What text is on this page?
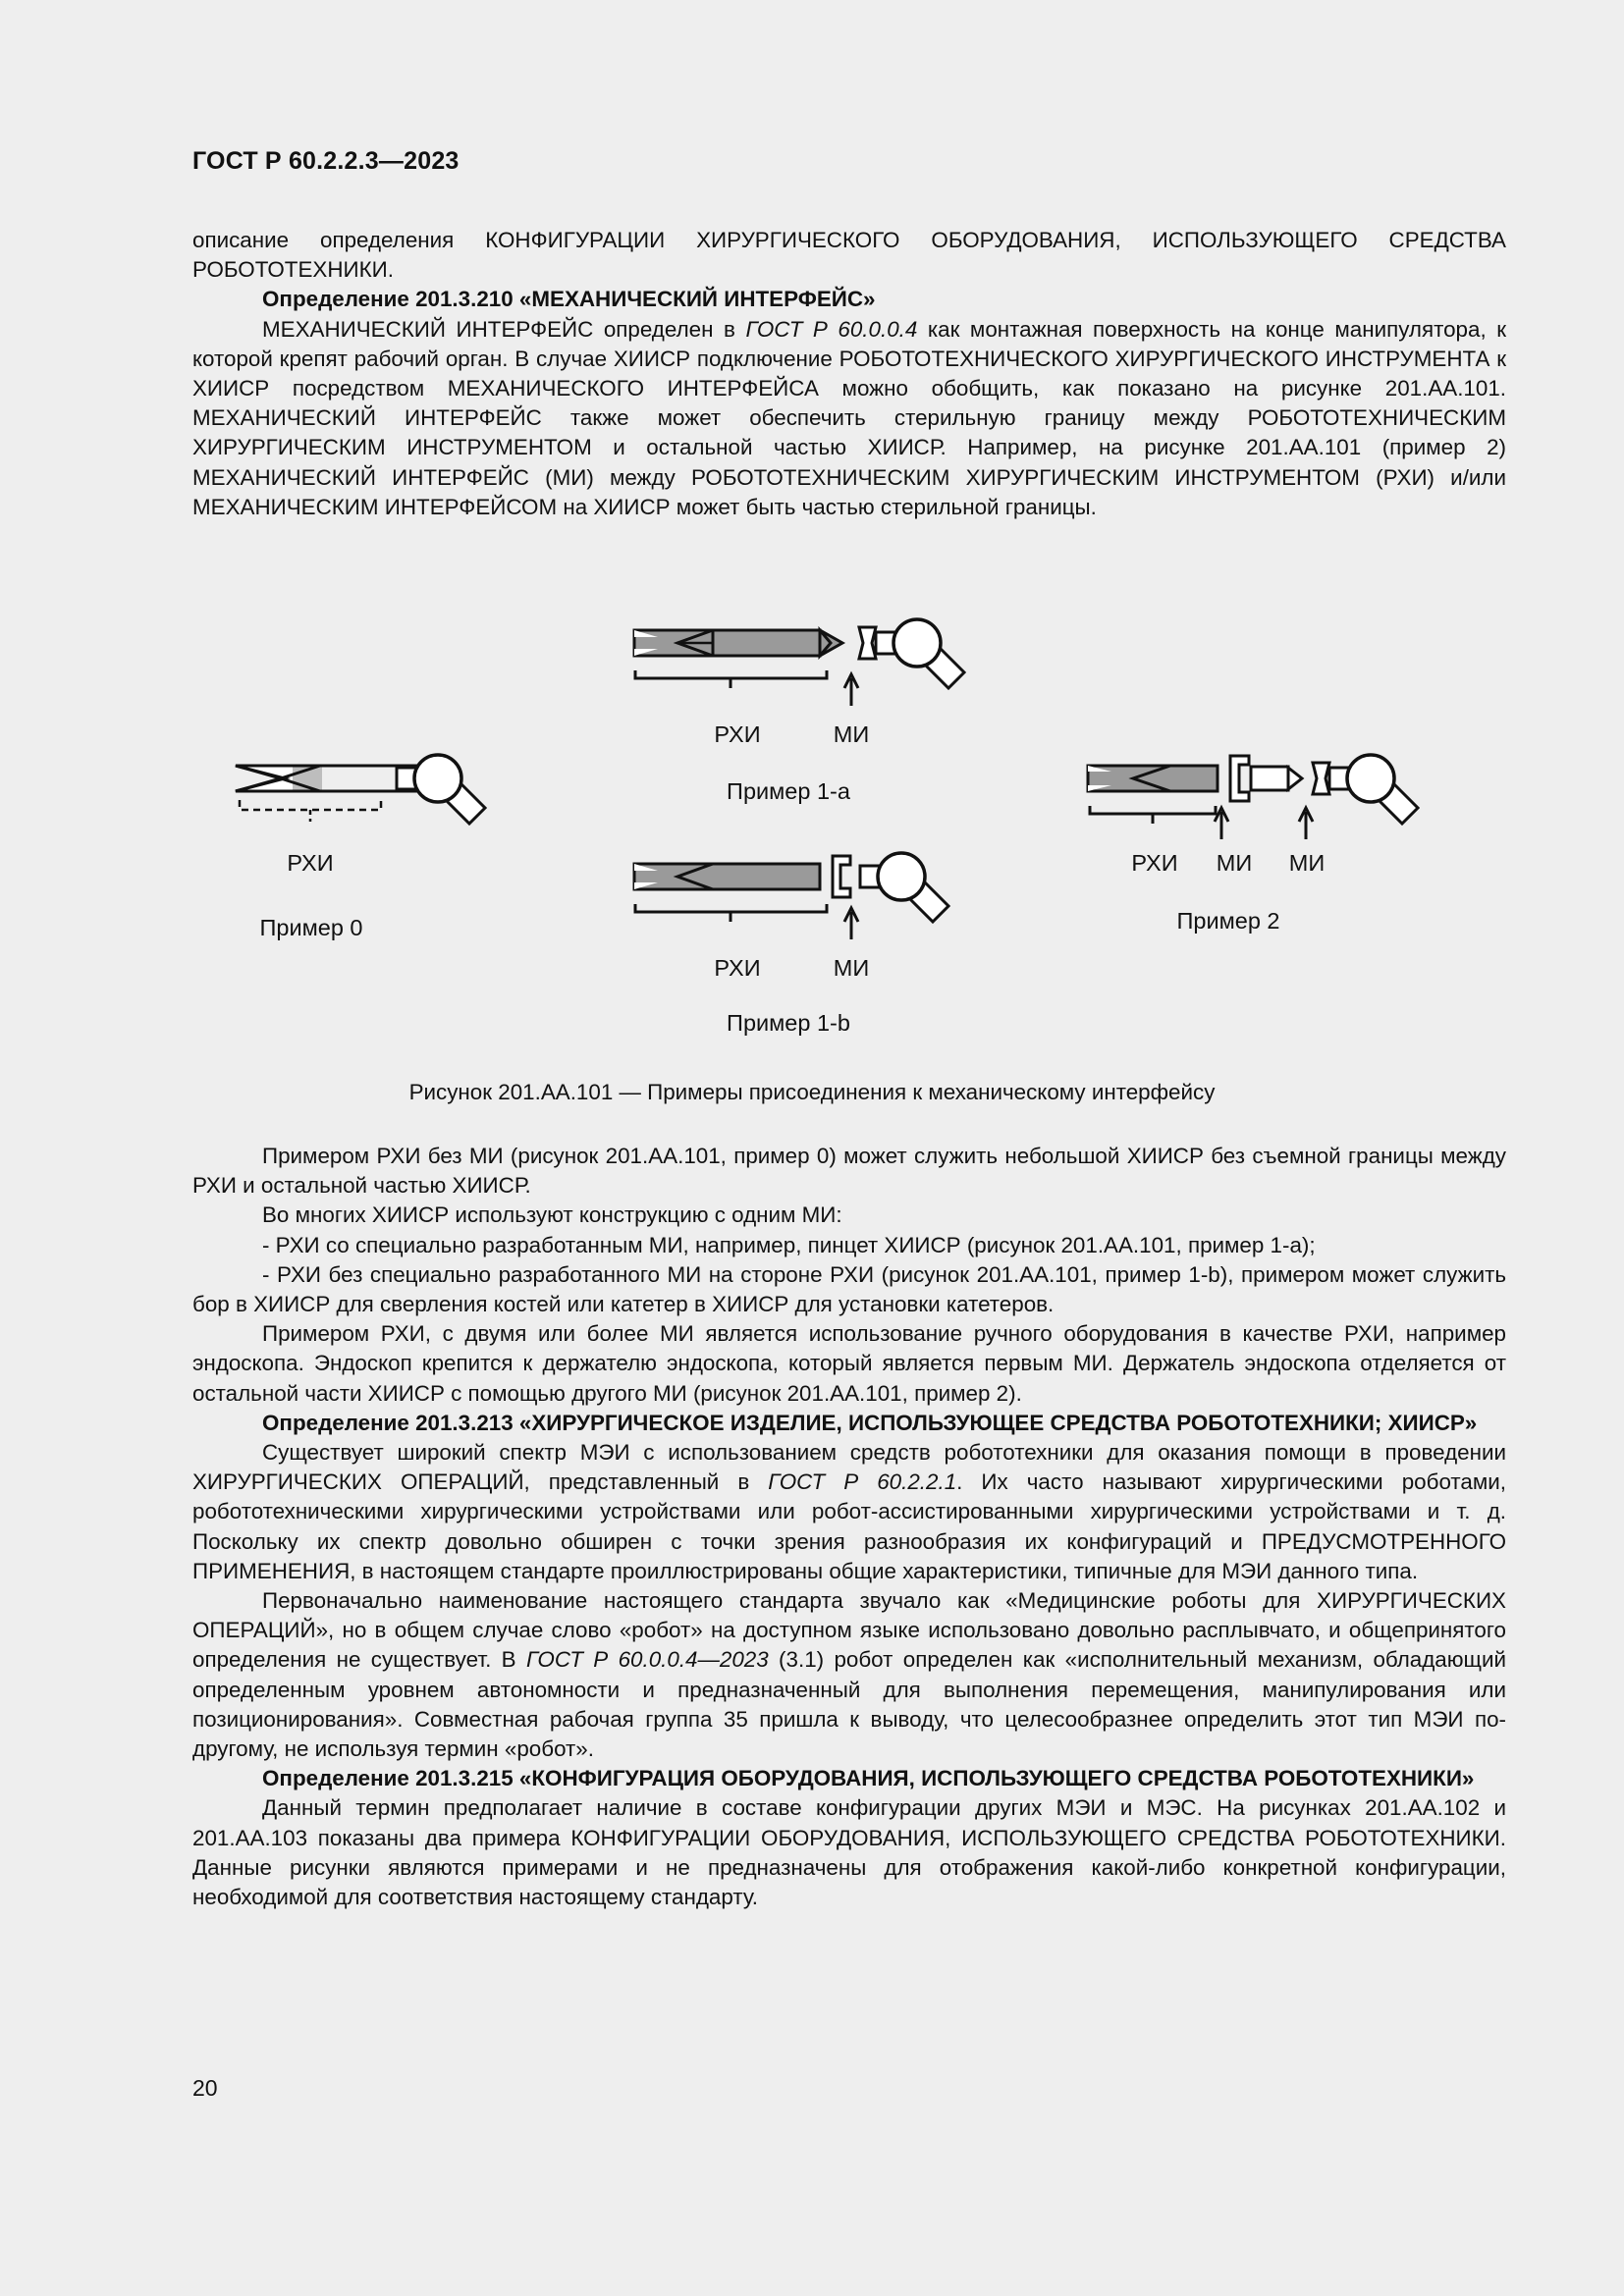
ГОСТ Р 60.2.2.3—2023

описание определения КОНФИГУРАЦИИ ХИРУРГИЧЕСКОГО ОБОРУДОВАНИЯ, ИСПОЛЬЗУЮЩЕГО СРЕДСТВА РОБОТОТЕХНИКИ.

Определение 201.3.210 «МЕХАНИЧЕСКИЙ ИНТЕРФЕЙС»

МЕХАНИЧЕСКИЙ ИНТЕРФЕЙС определен в ГОСТ Р 60.0.0.4 как монтажная поверхность на конце манипулятора, к которой крепят рабочий орган. В случае ХИИСР подключение РОБОТОТЕХНИЧЕСКОГО ХИРУРГИЧЕСКОГО ИНСТРУМЕНТА к ХИИСР посредством МЕХАНИЧЕСКОГО ИНТЕРФЕЙСА можно обобщить, как показано на рисунке 201.AA.101. МЕХАНИЧЕСКИЙ ИНТЕРФЕЙС также может обеспечить стерильную границу между РОБОТОТЕХНИЧЕСКИМ ХИРУРГИЧЕСКИМ ИНСТРУМЕНТОМ и остальной частью ХИИСР. Например, на рисунке 201.AA.101 (пример 2) МЕХАНИЧЕСКИЙ ИНТЕРФЕЙС (МИ) между РОБОТОТЕХНИЧЕСКИМ ХИРУРГИЧЕСКИМ ИНСТРУМЕНТОМ (РХИ) и/или МЕХАНИЧЕСКИМ ИНТЕРФЕЙСОМ на ХИИСР может быть частью стерильной границы.

РХИ	МИ
Пример 1-a
РХИ
Пример 0
РХИ МИ МИ
Пример 2
РХИ	МИ
Пример 1-b
Рисунок 201.AA.101 — Примеры присоединения к механическому интерфейсу

Примером РХИ без МИ (рисунок 201.AA.101, пример 0) может служить небольшой ХИИСР без съемной границы между РХИ и остальной частью ХИИСР.

Во многих ХИИСР используют конструкцию с одним МИ:

- РХИ со специально разработанным МИ, например, пинцет ХИИСР (рисунок 201.AA.101, пример 1-a);

- РХИ без специально разработанного МИ на стороне РХИ (рисунок 201.AA.101, пример 1-b), примером может служить бор в ХИИСР для сверления костей или катетер в ХИИСР для установки катетеров.

Примером РХИ, с двумя или более МИ является использование ручного оборудования в качестве РХИ, например эндоскопа. Эндоскоп крепится к держателю эндоскопа, который является первым МИ. Держатель эндоскопа отделяется от остальной части ХИИСР с помощью другого МИ (рисунок 201.AA.101, пример 2).

Определение 201.3.213 «ХИРУРГИЧЕСКОЕ ИЗДЕЛИЕ, ИСПОЛЬЗУЮЩЕЕ СРЕДСТВА РОБОТОТЕХНИКИ; ХИИСР»

Существует широкий спектр МЭИ с использованием средств робототехники для оказания помощи в проведении ХИРУРГИЧЕСКИХ ОПЕРАЦИЙ, представленный в ГОСТ Р 60.2.2.1. Их часто называют хирургическими роботами, робототехническими хирургическими устройствами или робот-ассистированными хирургическими устройствами и т. д. Поскольку их спектр довольно обширен с точки зрения разнообразия их конфигураций и ПРЕДУСМОТРЕННОГО ПРИМЕНЕНИЯ, в настоящем стандарте проиллюстрированы общие характеристики, типичные для МЭИ данного типа.

Первоначально наименование настоящего стандарта звучало как «Медицинские роботы для ХИРУРГИЧЕСКИХ ОПЕРАЦИЙ», но в общем случае слово «робот» на доступном языке использовано довольно расплывчато, и общепринятого определения не существует. В ГОСТ Р 60.0.0.4—2023 (3.1) робот определен как «исполнительный механизм, обладающий определенным уровнем автономности и предназначенный для выполнения перемещения, манипулирования или позиционирования». Совместная рабочая группа 35 пришла к выводу, что целесообразнее определить этот тип МЭИ по-другому, не используя термин «робот».

Определение 201.3.215 «КОНФИГУРАЦИЯ ОБОРУДОВАНИЯ, ИСПОЛЬЗУЮЩЕГО СРЕДСТВА РОБОТОТЕХНИКИ»

Данный термин предполагает наличие в составе конфигурации других МЭИ и МЭС. На рисунках 201.AA.102 и 201.AA.103 показаны два примера КОНФИГУРАЦИИ ОБОРУДОВАНИЯ, ИСПОЛЬЗУЮЩЕГО СРЕДСТВА РОБОТОТЕХНИКИ. Данные рисунки являются примерами и не предназначены для отображения какой-либо конкретной конфигурации, необходимой для соответствия настоящему стандарту.

20
